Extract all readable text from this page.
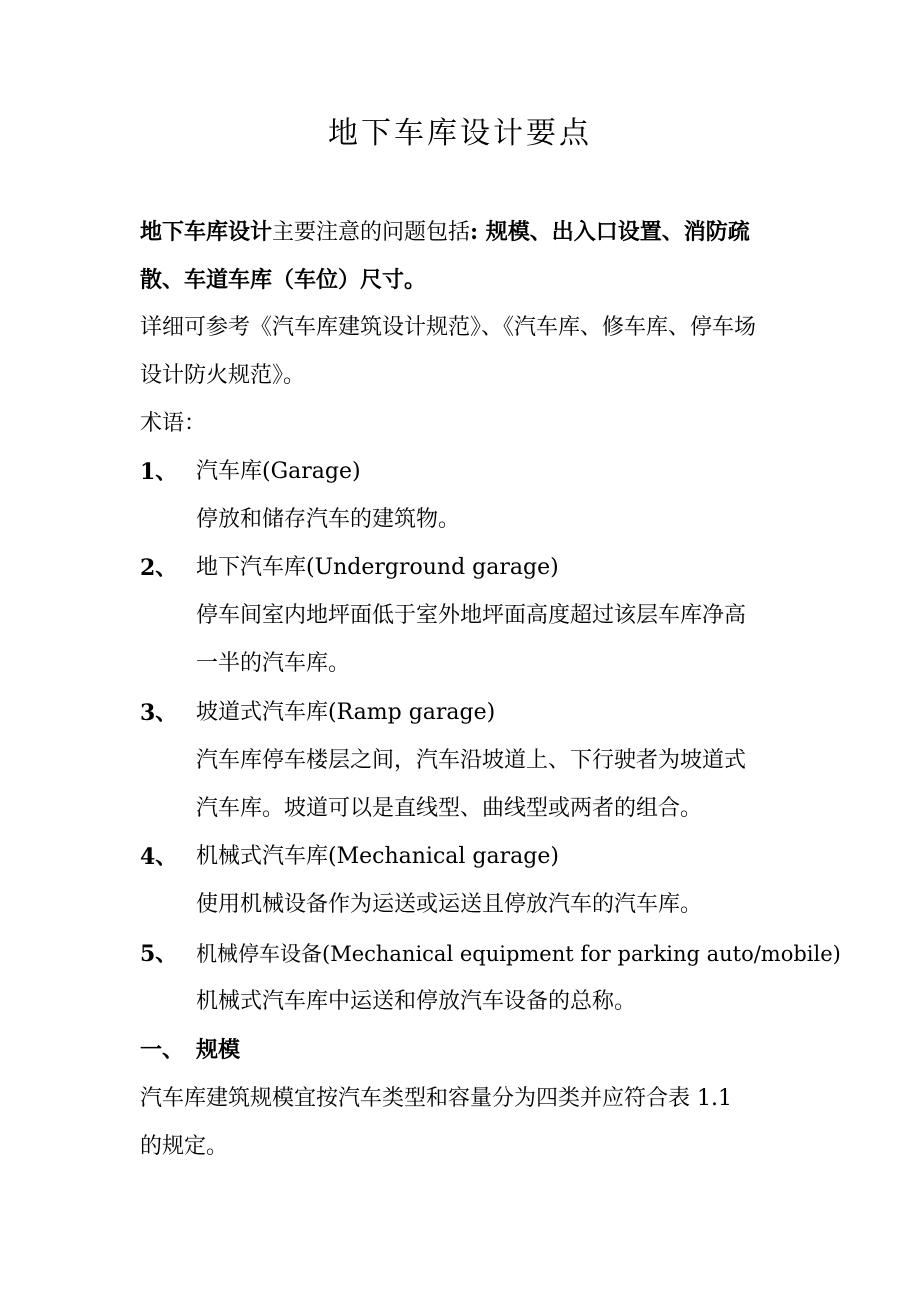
地下车库设计要点
地下车库设计主要注意的问题包括: 规模、出入口设置、消防疏
散、车道车库（车位）尺寸。
详细可参考《汽车库建筑设计规范》、《汽车库、修车库、停车场
设计防火规范》。
术语：
1、 汽车库(Garage)
停放和储存汽车的建筑物。
2、 地下汽车库(Underground garage)
停车间室内地坪面低于室外地坪面高度超过该层车库净高
一半的汽车库。
3、 坡道式汽车库(Ramp garage)
汽车库停车楼层之间，汽车沿坡道上、下行驶者为坡道式
汽车库。坡道可以是直线型、曲线型或两者的组合。
4、 机械式汽车库(Mechanical garage)
使用机械设备作为运送或运送且停放汽车的汽车库。
5、 机械停车设备(Mechanical equipment for parking auto/mobile)
机械式汽车库中运送和停放汽车设备的总称。
一、 规模
汽车库建筑规模宜按汽车类型和容量分为四类并应符合表 1.1
的规定。
